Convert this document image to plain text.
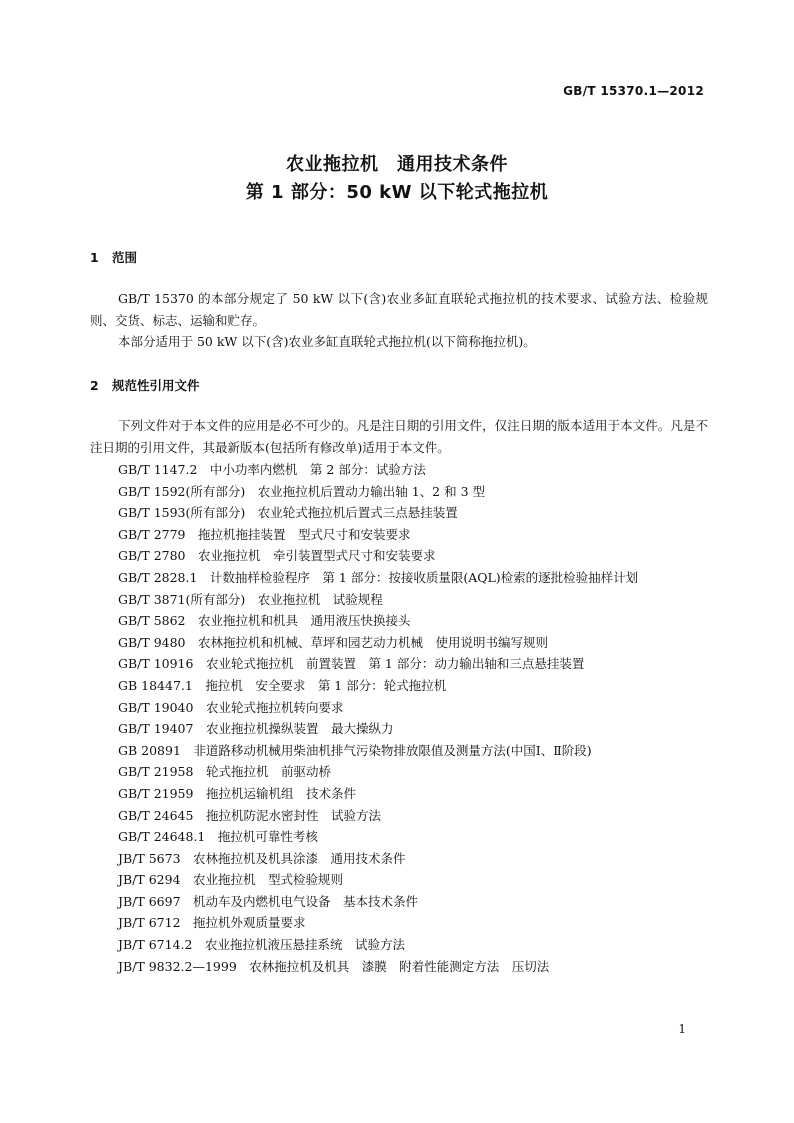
GB/T 15370.1—2012
农业拖拉机　通用技术条件
第 1 部分：50 kW 以下轮式拖拉机
1 范围
GB/T 15370 的本部分规定了 50 kW 以下(含)农业多缸直联轮式拖拉机的技术要求、试验方法、检验规则、交货、标志、运输和贮存。
本部分适用于 50 kW 以下(含)农业多缸直联轮式拖拉机(以下简称拖拉机)。
2 规范性引用文件
下列文件对于本文件的应用是必不可少的。凡是注日期的引用文件，仅注日期的版本适用于本文件。凡是不注日期的引用文件，其最新版本(包括所有修改单)适用于本文件。
GB/T 1147.2　中小功率内燃机　第 2 部分：试验方法
GB/T 1592(所有部分)　农业拖拉机后置动力输出轴 1、2 和 3 型
GB/T 1593(所有部分)　农业轮式拖拉机后置式三点悬挂装置
GB/T 2779　拖拉机拖挂装置　型式尺寸和安装要求
GB/T 2780　农业拖拉机　牵引装置型式尺寸和安装要求
GB/T 2828.1　计数抽样检验程序　第 1 部分：按接收质量限(AQL)检索的逐批检验抽样计划
GB/T 3871(所有部分)　农业拖拉机　试验规程
GB/T 5862　农业拖拉机和机具　通用液压快换接头
GB/T 9480　农林拖拉机和机械、草坪和园艺动力机械　使用说明书编写规则
GB/T 10916　农业轮式拖拉机　前置装置　第 1 部分：动力输出轴和三点悬挂装置
GB 18447.1　拖拉机　安全要求　第 1 部分：轮式拖拉机
GB/T 19040　农业轮式拖拉机转向要求
GB/T 19407　农业拖拉机操纵装置　最大操纵力
GB 20891　非道路移动机械用柴油机排气污染物排放限值及测量方法(中国Ⅰ、Ⅱ阶段)
GB/T 21958　轮式拖拉机　前驱动桥
GB/T 21959　拖拉机运输机组　技术条件
GB/T 24645　拖拉机防泥水密封性　试验方法
GB/T 24648.1　拖拉机可靠性考核
JB/T 5673　农林拖拉机及机具涂漆　通用技术条件
JB/T 6294　农业拖拉机　型式检验规则
JB/T 6697　机动车及内燃机电气设备　基本技术条件
JB/T 6712　拖拉机外观质量要求
JB/T 6714.2　农业拖拉机液压悬挂系统　试验方法
JB/T 9832.2—1999　农林拖拉机及机具　漆膜　附着性能测定方法　压切法
1
